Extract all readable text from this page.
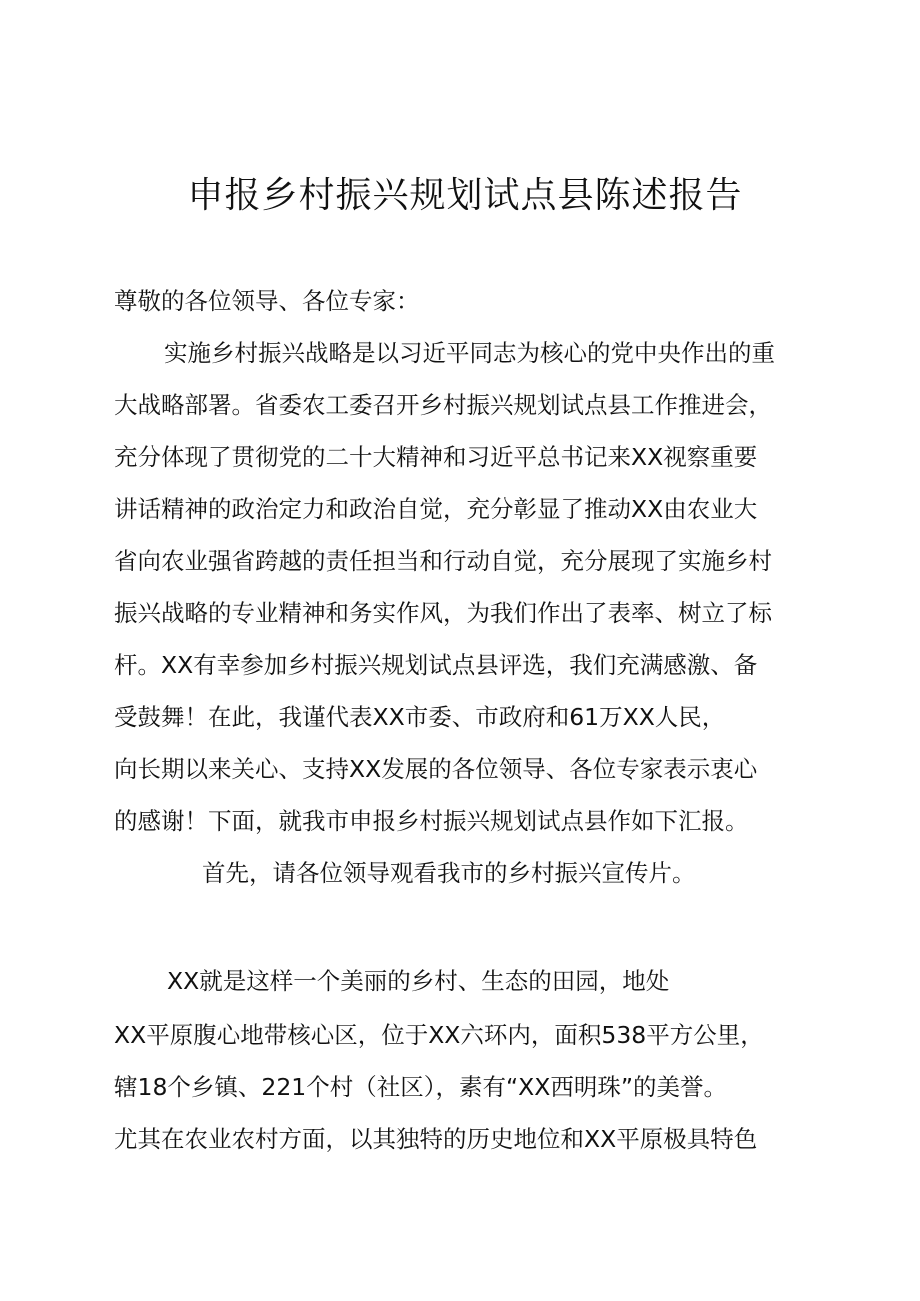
申报乡村振兴规划试点县陈述报告

尊敬的各位领导、各位专家：

实施乡村振兴战略是以习近平同志为核心的党中央作出的重

大战略部署。省委农工委召开乡村振兴规划试点县工作推进会，

充分体现了贯彻党的二十大精神和习近平总书记来XX视察重要

讲话精神的政治定力和政治自觉，充分彰显了推动XX由农业大

省向农业强省跨越的责任担当和行动自觉，充分展现了实施乡村

振兴战略的专业精神和务实作风，为我们作出了表率、树立了标

杆。XX有幸参加乡村振兴规划试点县评选，我们充满感激、备

受鼓舞！在此，我谨代表XX市委、市政府和61万XX人民，

向长期以来关心、支持XX发展的各位领导、各位专家表示衷心

的感谢！下面，就我市申报乡村振兴规划试点县作如下汇报。

首先，请各位领导观看我市的乡村振兴宣传片。

XX就是这样一个美丽的乡村、生态的田园，地处

XX平原腹心地带核心区，位于XX六环内，面积538平方公里，

辖18个乡镇、221个村（社区），素有“XX西明珠”的美誉。

尤其在农业农村方面，以其独特的历史地位和XX平原极具特色
